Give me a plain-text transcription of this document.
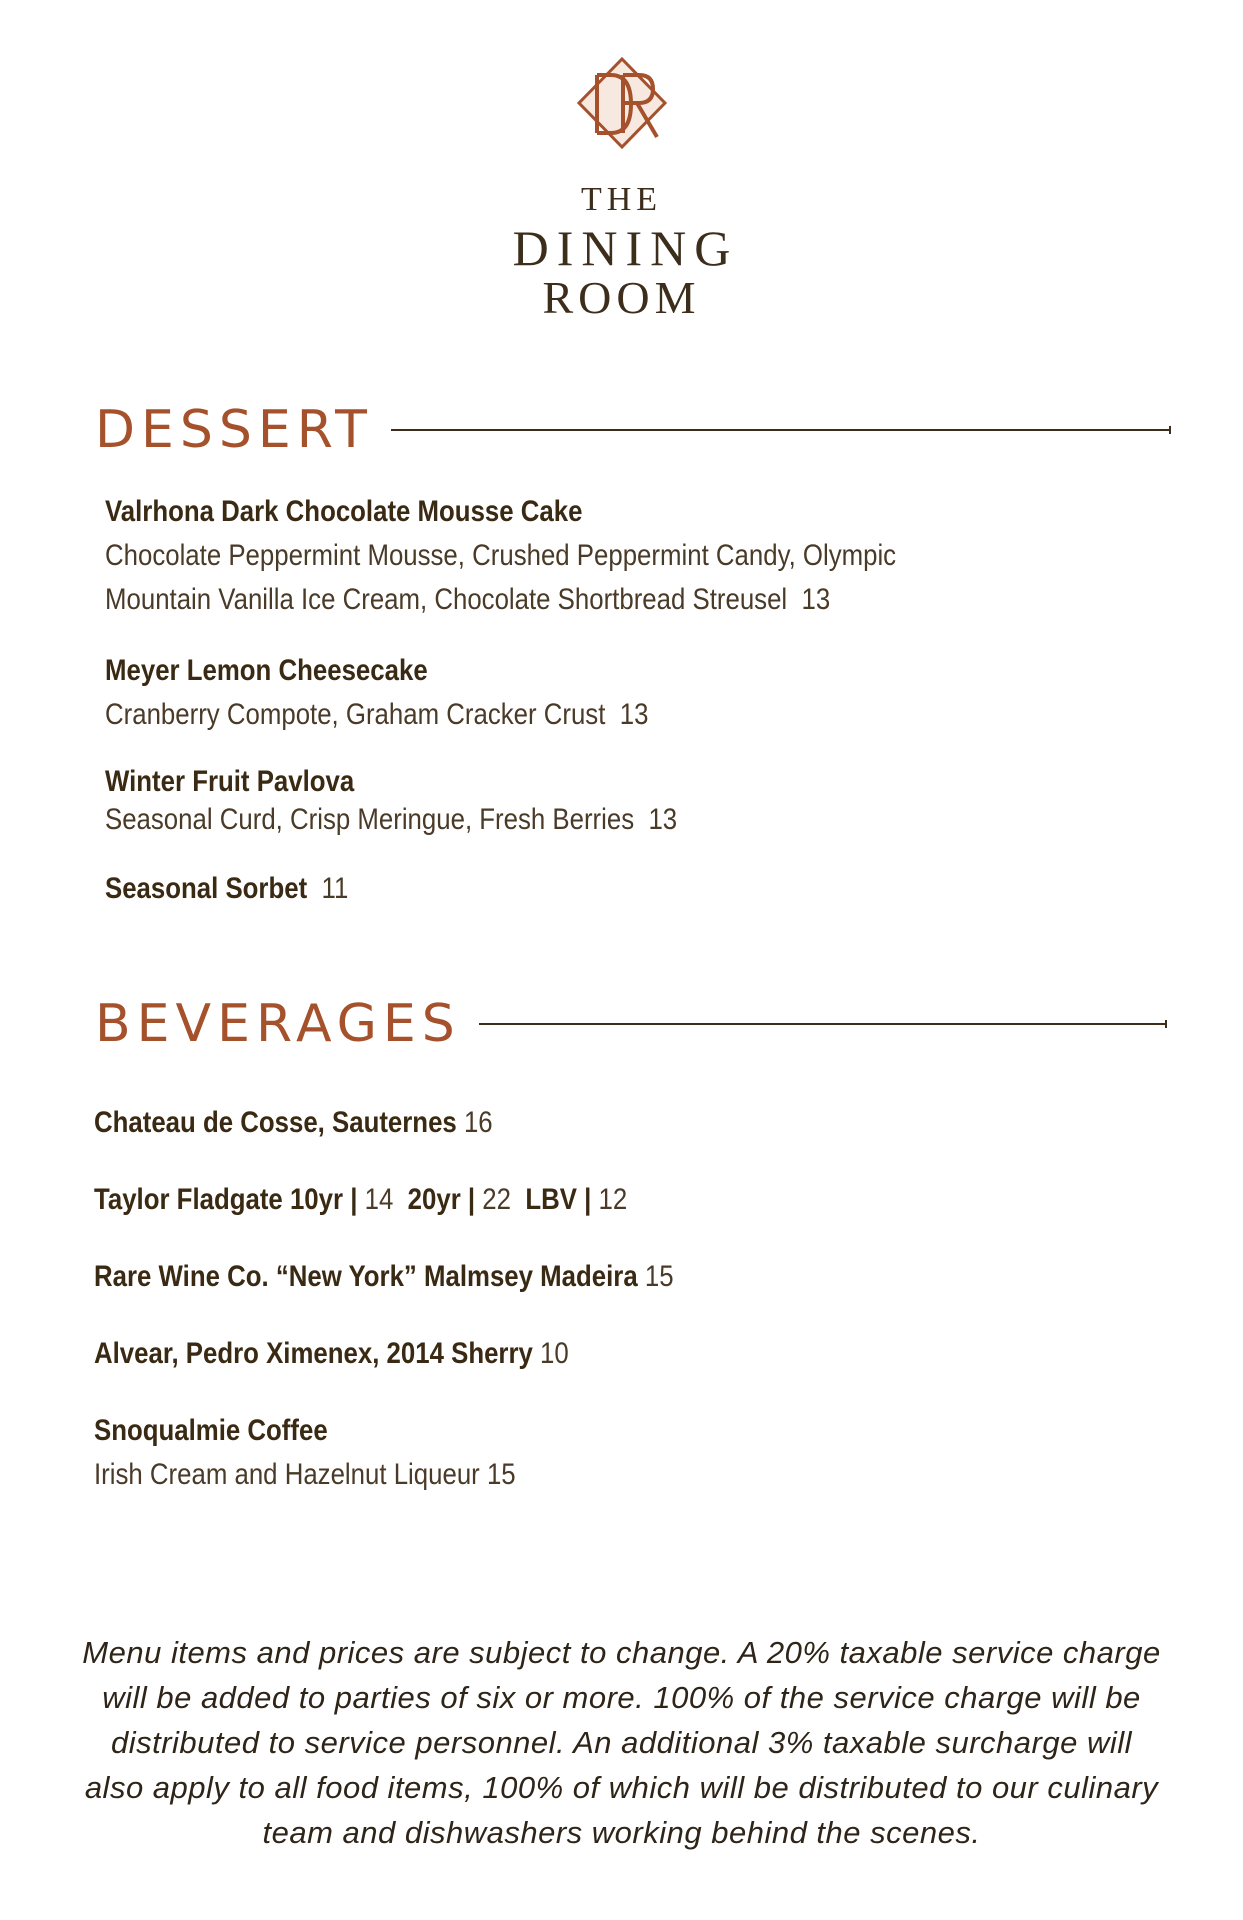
THE
DINING
ROOM
DESSERT
Valrhona Dark Chocolate Mousse Cake
Chocolate Peppermint Mousse, Crushed Peppermint Candy, Olympic
Mountain Vanilla Ice Cream, Chocolate Shortbread Streusel 13
Meyer Lemon Cheesecake
Cranberry Compote, Graham Cracker Crust 13
Winter Fruit Pavlova
Seasonal Curd, Crisp Meringue, Fresh Berries 13
Seasonal Sorbet 11
BEVERAGES
Chateau de Cosse, Sauternes 16
Taylor Fladgate 10yr | 14 20yr | 22 LBV | 12
Rare Wine Co. “New York” Malmsey Madeira 15
Alvear, Pedro Ximenex, 2014 Sherry 10
Snoqualmie Coffee
Irish Cream and Hazelnut Liqueur 15
Menu items and prices are subject to change. A 20% taxable service charge
will be added to parties of six or more. 100% of the service charge will be
distributed to service personnel. An additional 3% taxable surcharge will
also apply to all food items, 100% of which will be distributed to our culinary
team and dishwashers working behind the scenes.
